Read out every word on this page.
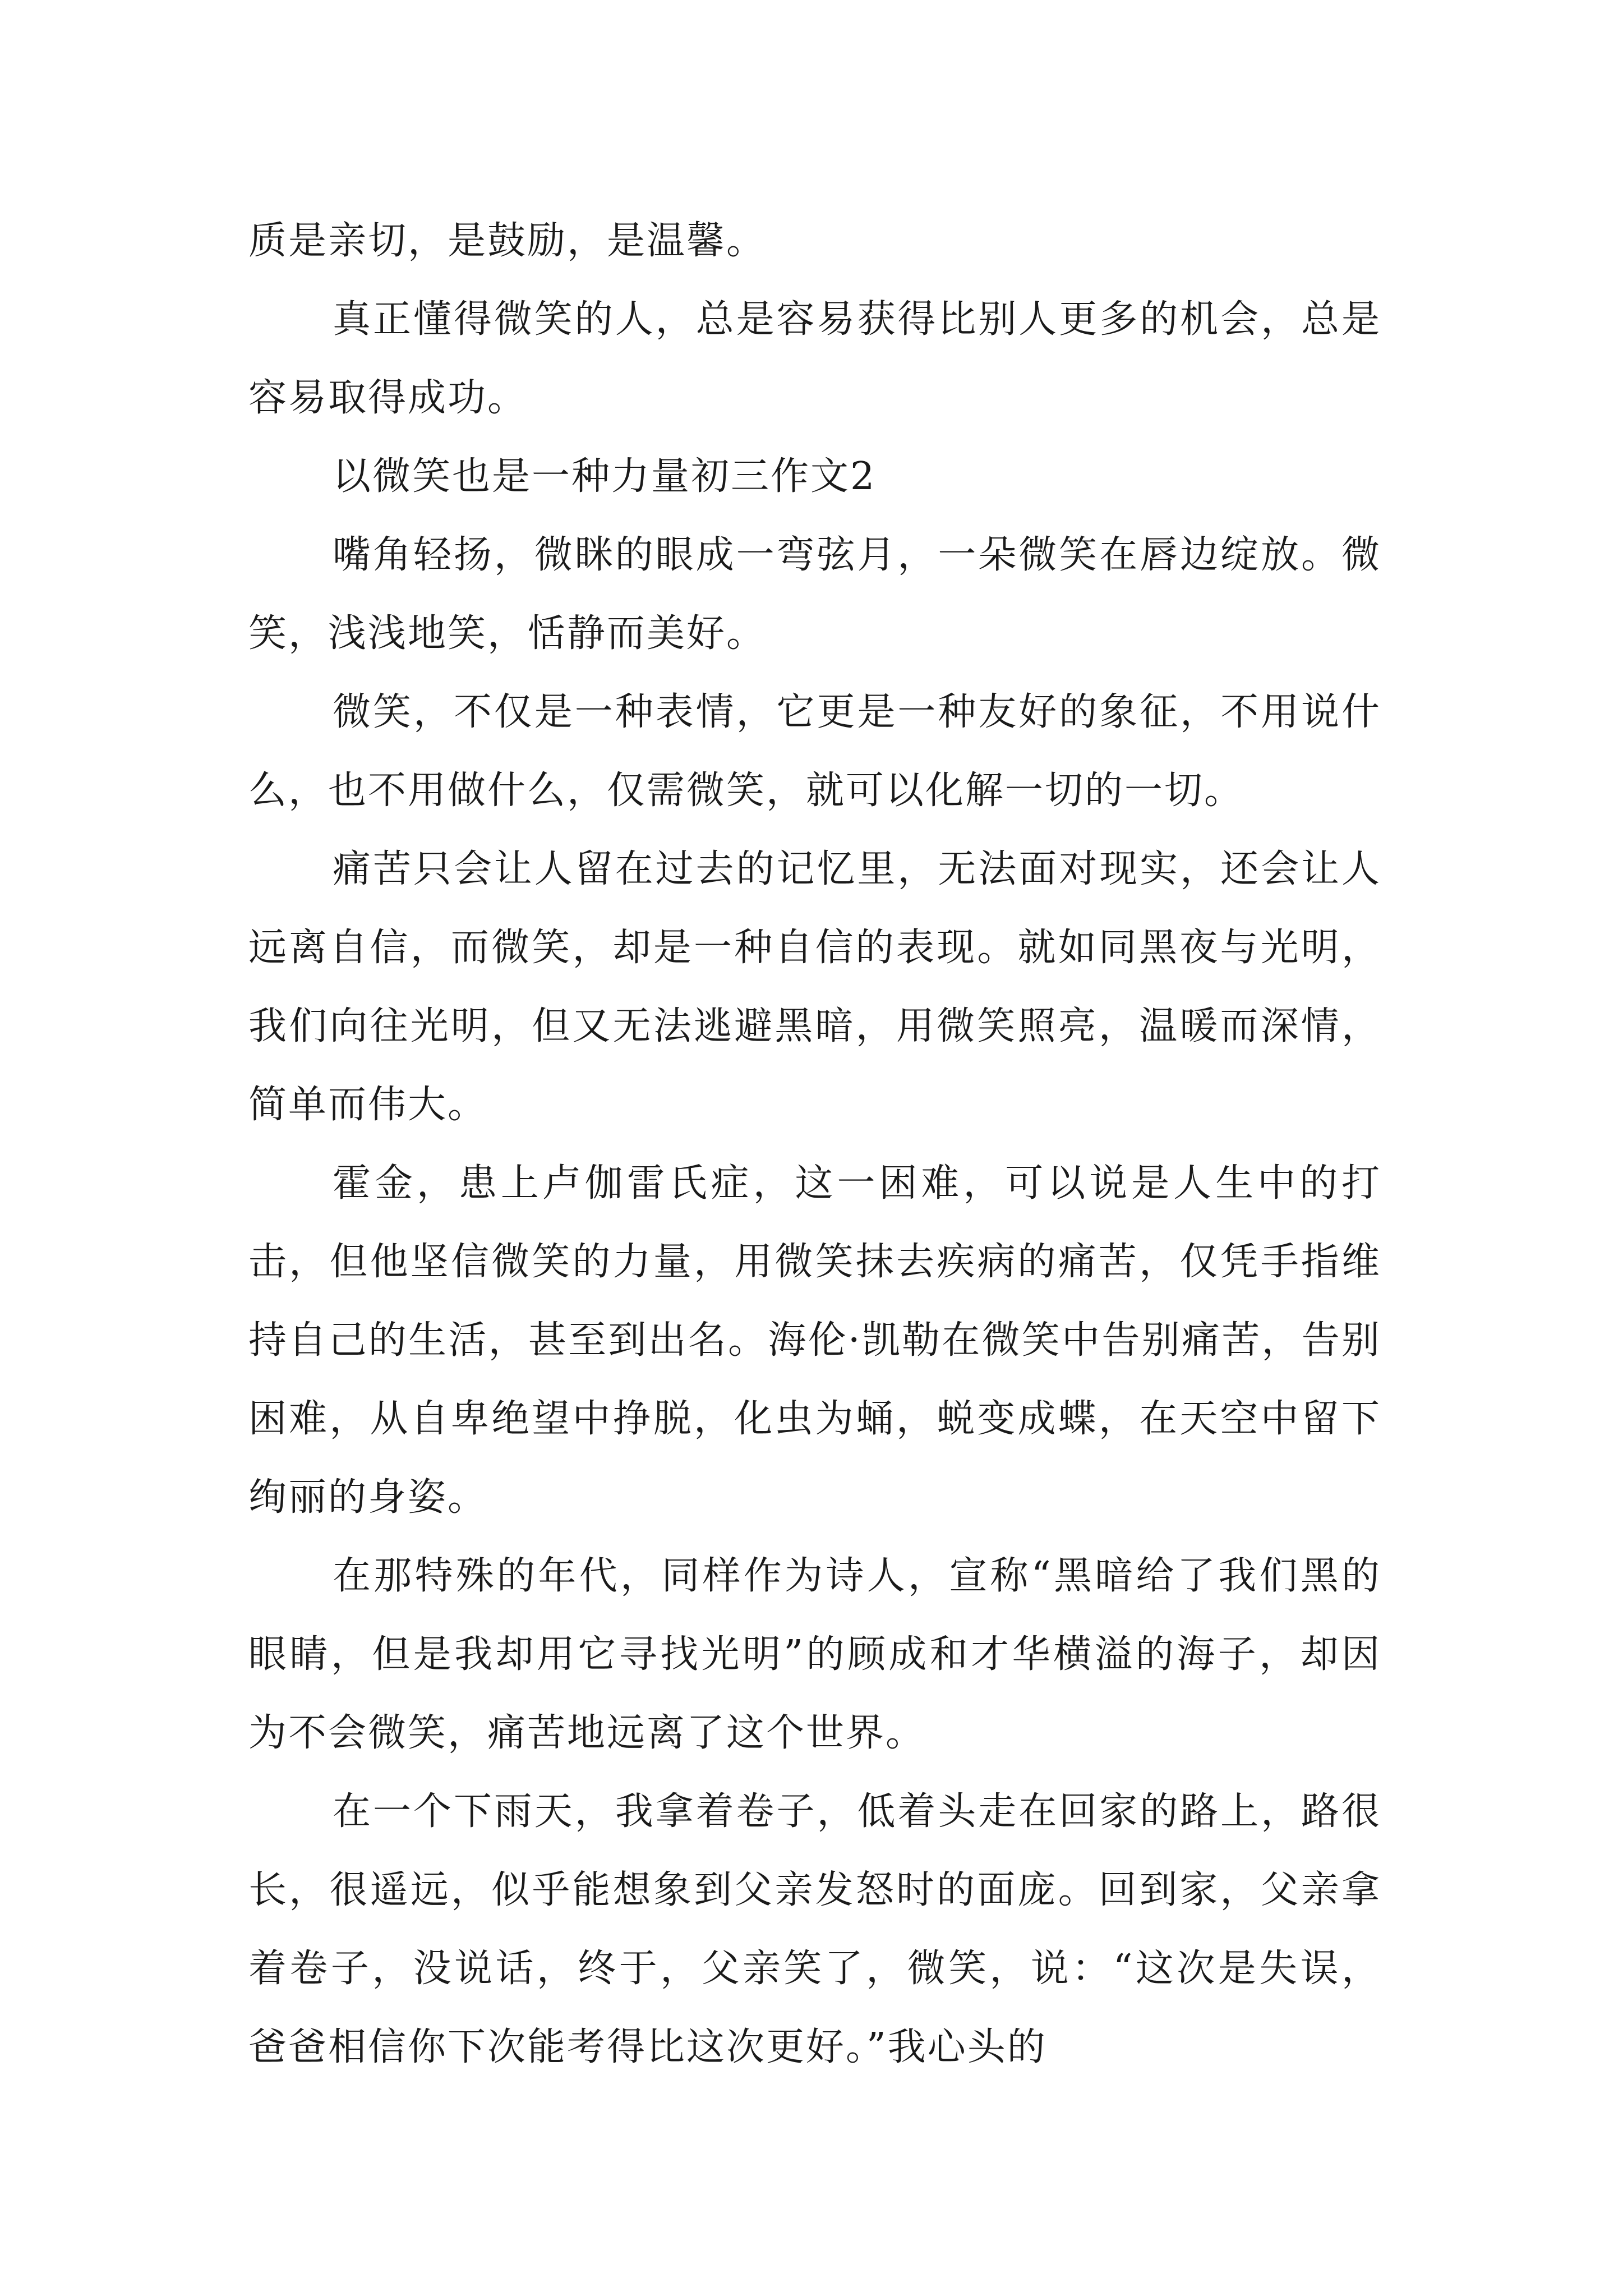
质是亲切，是鼓励，是温馨。

真正懂得微笑的人，总是容易获得比别人更多的机会，总是容易取得成功。

以微笑也是一种力量初三作文2

嘴角轻扬，微眯的眼成一弯弦月，一朵微笑在唇边绽放。微笑，浅浅地笑，恬静而美好。

微笑，不仅是一种表情，它更是一种友好的象征，不用说什么，也不用做什么，仅需微笑，就可以化解一切的一切。

痛苦只会让人留在过去的记忆里，无法面对现实，还会让人远离自信，而微笑，却是一种自信的表现。就如同黑夜与光明，我们向往光明，但又无法逃避黑暗，用微笑照亮，温暖而深情，简单而伟大。

霍金，患上卢伽雷氏症，这一困难，可以说是人生中的打击，但他坚信微笑的力量，用微笑抹去疾病的痛苦，仅凭手指维持自己的生活，甚至到出名。海伦·凯勒在微笑中告别痛苦，告别困难，从自卑绝望中挣脱，化虫为蛹，蜕变成蝶，在天空中留下绚丽的身姿。

在那特殊的年代，同样作为诗人，宣称“黑暗给了我们黑的眼睛，但是我却用它寻找光明”的顾成和才华横溢的海子，却因为不会微笑，痛苦地远离了这个世界。

在一个下雨天，我拿着卷子，低着头走在回家的路上，路很长，很遥远，似乎能想象到父亲发怒时的面庞。回到家，父亲拿着卷子，没说话，终于，父亲笑了，微笑，说：“这次是失误，爸爸相信你下次能考得比这次更好。”我心头的
